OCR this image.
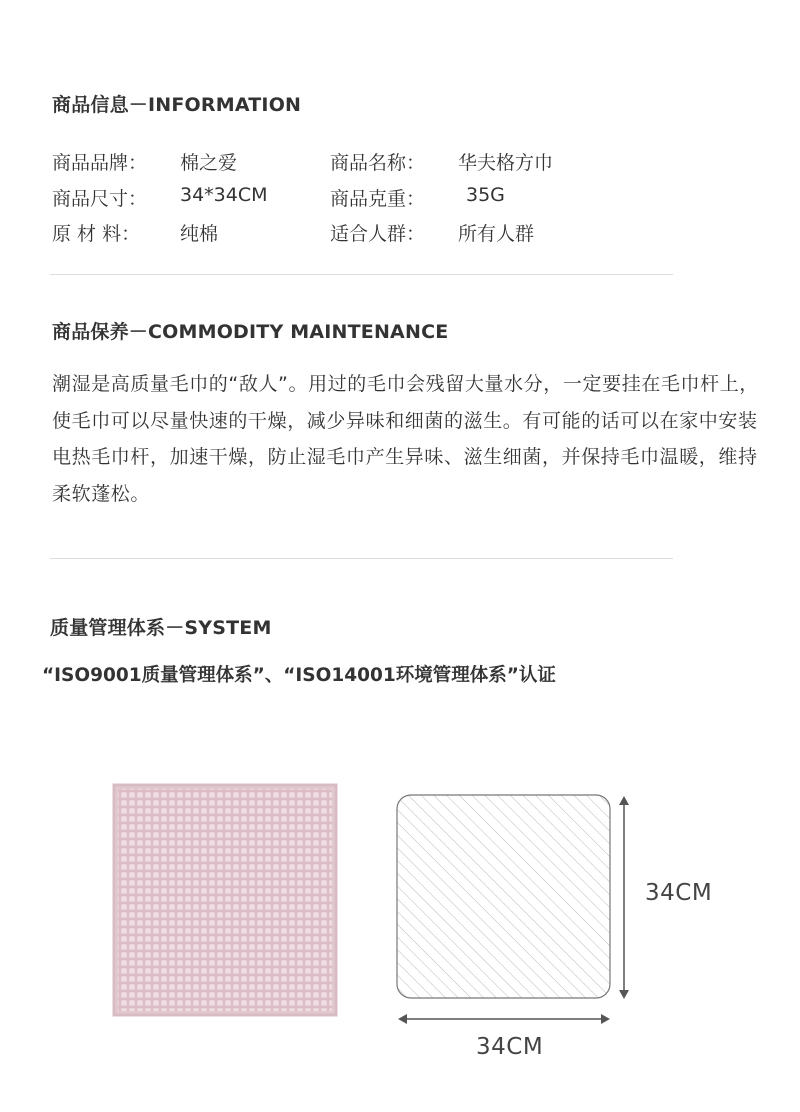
商品信息－INFORMATION
商品品牌： 棉之爱	商品名称： 华夫格方巾
商品尺寸： 34*34CM	商品克重： 35G
原 材 料： 纯棉	适合人群： 所有人群
商品保养－COMMODITY MAINTENANCE
潮湿是高质量毛巾的“敌人”。用过的毛巾会残留大量水分，一定要挂在毛巾杆上，使毛巾可以尽量快速的干燥，减少异味和细菌的滋生。有可能的话可以在家中安装电热毛巾杆，加速干燥，防止湿毛巾产生异味、滋生细菌，并保持毛巾温暖，维持柔软蓬松。
质量管理体系－SYSTEM
“ISO9001质量管理体系”、“ISO14001环境管理体系”认证
34CM
34CM
